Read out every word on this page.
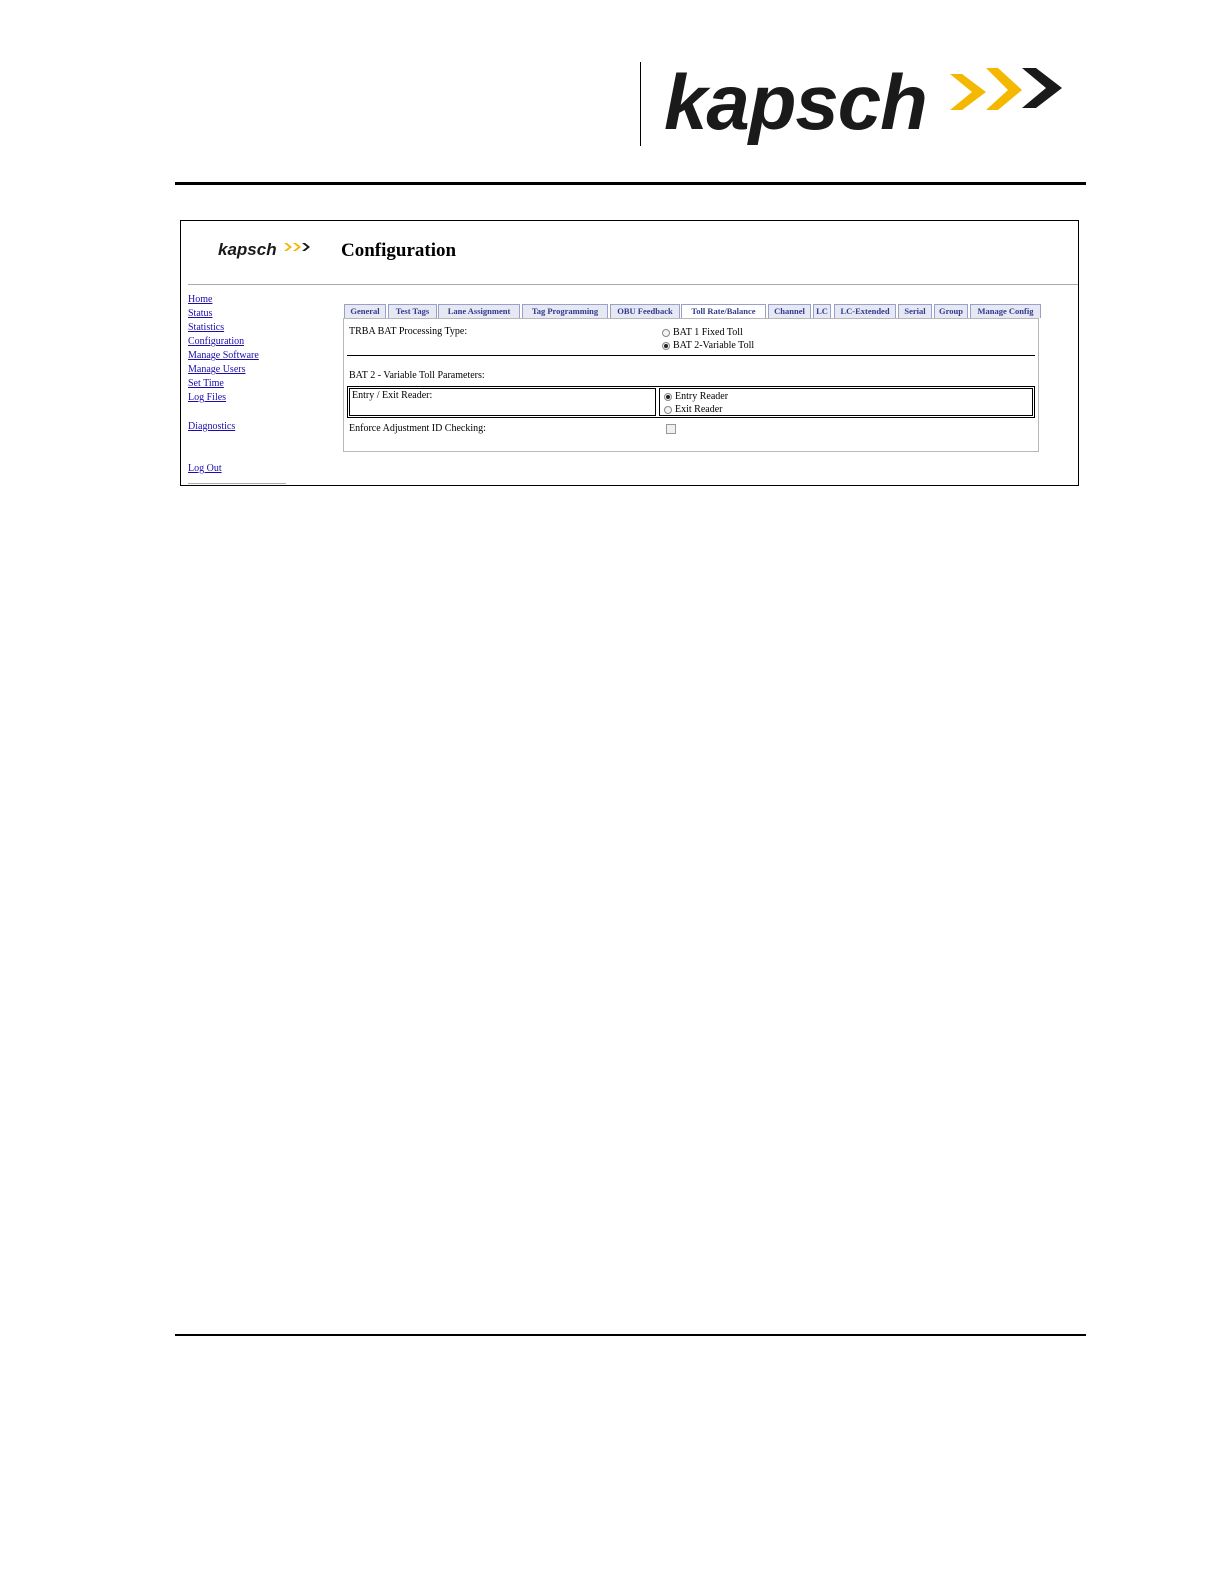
kapsch
kapsch	Configuration
Home
Status
Statistics
Configuration
Manage Software
Manage Users
Set Time
Log Files
Diagnostics
Log Out
General	Test Tags	Lane Assignment	Tag Programming	OBU Feedback	Toll Rate/Balance	Channel	LC	LC-Extended	Serial	Group	Manage Config
TRBA BAT Processing Type:	BAT 1 Fixed Toll
BAT 2-Variable Toll
BAT 2 - Variable Toll Parameters:
Entry / Exit Reader:	Entry Reader
Exit Reader
Enforce Adjustment ID Checking:
